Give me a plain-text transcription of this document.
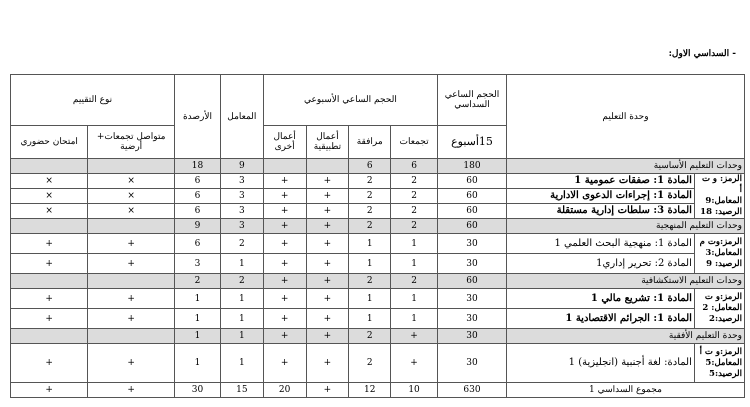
- السداسي الاول:
وحدة التعليم		الحجم الساعي السداسي	الحجم الساعي الأسبوعي				المعامل	الأرصدة	نوع التقييم	
		15أسبوع	تجمعات	مرافقة	أعمال تطبيقية	أعمال أخرى			متواصل تجمعات+ أرضية	امتحان حضوري
وحدات التعليم الأساسية		180	6	6			9	18		
الرمز: و ت أ
المعامل:9
الرصيد: 18	المادة 1: صفقات عمومية 1	60	2	2	+	+	3	6	×	×
	المادة 1: إجراءات الدعوى الادارية	60	2	2	+	+	3	6	×	×
	المادة 3: سلطات إدارية مستقلة	60	2	2	+	+	3	6	×	×
وحدات التعليم المنهجية		60	2	2	+	+	3	9		
الرمز:وت م
المعامل:3
الرصيد: 9	المادة 1: منهجية البحث العلمي 1	30	1	1	+	+	2	6	+	+
	المادة 2: تحرير إداري1	30	1	1	+	+	1	3	+	+
وحدات التعليم الاستكشافية		60	2	2	+	+	2	2		
الرمز:و ت
المعامل: 2
الرصيد:2	المادة 1: تشريع مالي 1	30	1	1	+	+	1	1	+	+
	المادة 1: الجرائم الاقتصادية 1	30	1	1	+	+	1	1	+	+
وحدة التعليم الأفقية		30	+	2	+	+	1	1		
الرمز:و ت أ
المعامل:5
الرصيد:5	المادة: لغة أجنبية (انجليزية) 1	30	+	2	+	+	1	1	+	+
مجموع السداسي 1		630	10	12	+	20	15	30	+	+
